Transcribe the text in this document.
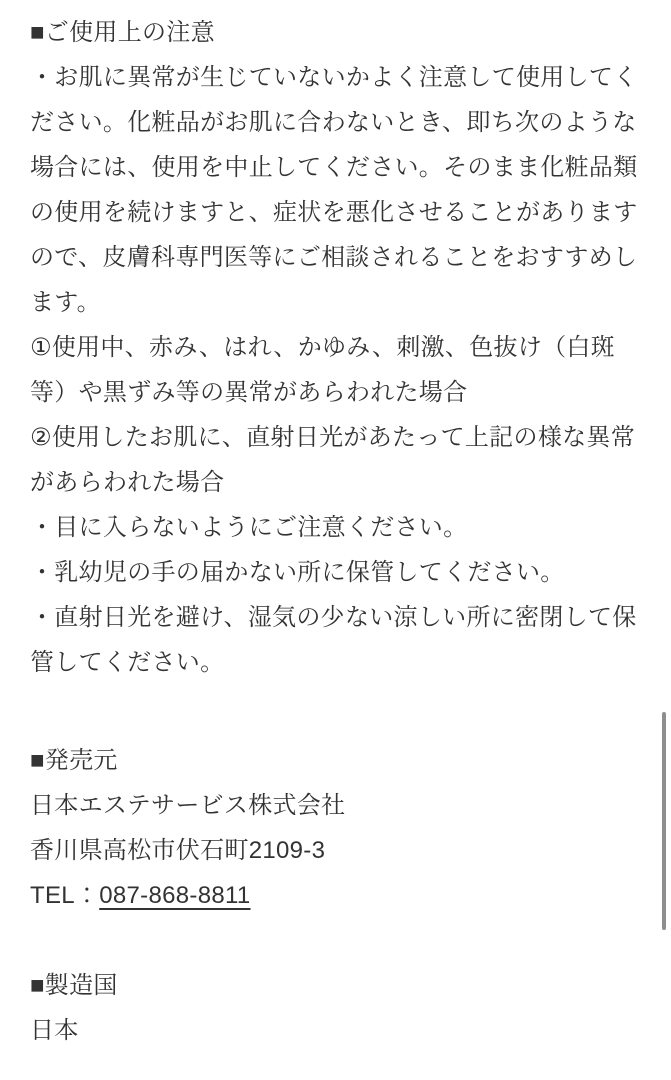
■ご使用上の注意
・お肌に異常が生じていないかよく注意して使用してく
ださい。化粧品がお肌に合わないとき、即ち次のような
場合には、使用を中止してください。そのまま化粧品類
の使用を続けますと、症状を悪化させることがあります
ので、皮膚科専門医等にご相談されることをおすすめし
ます。
①使用中、赤み、はれ、かゆみ、刺激、色抜け（白斑
等）や黒ずみ等の異常があらわれた場合
②使用したお肌に、直射日光があたって上記の様な異常
があらわれた場合
・目に入らないようにご注意ください。
・乳幼児の手の届かない所に保管してください。
・直射日光を避け、湿気の少ない涼しい所に密閉して保
管してください。
■発売元
日本エステサービス株式会社
香川県高松市伏石町2109-3
TEL：087-868-8811
■製造国
日本
